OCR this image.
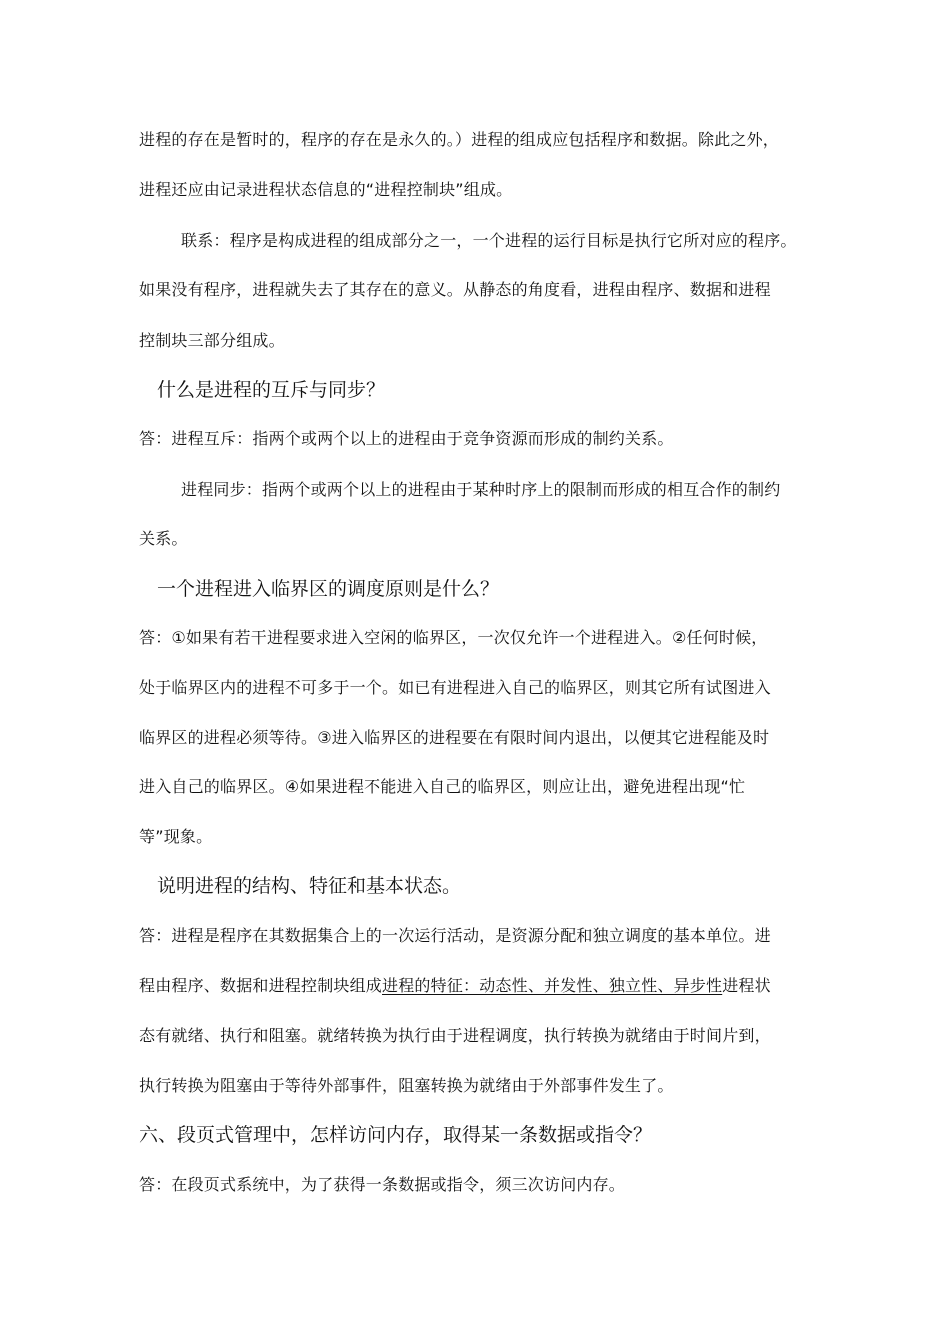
进程的存在是暂时的，程序的存在是永久的。）进程的组成应包括程序和数据。除此之外，
进程还应由记录进程状态信息的“进程控制块”组成。
联系：程序是构成进程的组成部分之一，一个进程的运行目标是执行它所对应的程序。
如果没有程序，进程就失去了其存在的意义。从静态的角度看，进程由程序、数据和进程
控制块三部分组成。
什么是进程的互斥与同步？
答：进程互斥：指两个或两个以上的进程由于竞争资源而形成的制约关系。
进程同步：指两个或两个以上的进程由于某种时序上的限制而形成的相互合作的制约
关系。
一个进程进入临界区的调度原则是什么？
答：①如果有若干进程要求进入空闲的临界区，一次仅允许一个进程进入。②任何时候，
处于临界区内的进程不可多于一个。如已有进程进入自己的临界区，则其它所有试图进入
临界区的进程必须等待。③进入临界区的进程要在有限时间内退出，以便其它进程能及时
进入自己的临界区。④如果进程不能进入自己的临界区，则应让出，避免进程出现“忙
等”现象。
说明进程的结构、特征和基本状态。
答：进程是程序在其数据集合上的一次运行活动，是资源分配和独立调度的基本单位。进
程由程序、数据和进程控制块组成进程的特征：动态性、并发性、独立性、异步性进程状
态有就绪、执行和阻塞。就绪转换为执行由于进程调度，执行转换为就绪由于时间片到，
执行转换为阻塞由于等待外部事件，阻塞转换为就绪由于外部事件发生了。
六、段页式管理中，怎样访问内存，取得某一条数据或指令？
答：在段页式系统中，为了获得一条数据或指令，须三次访问内存。
